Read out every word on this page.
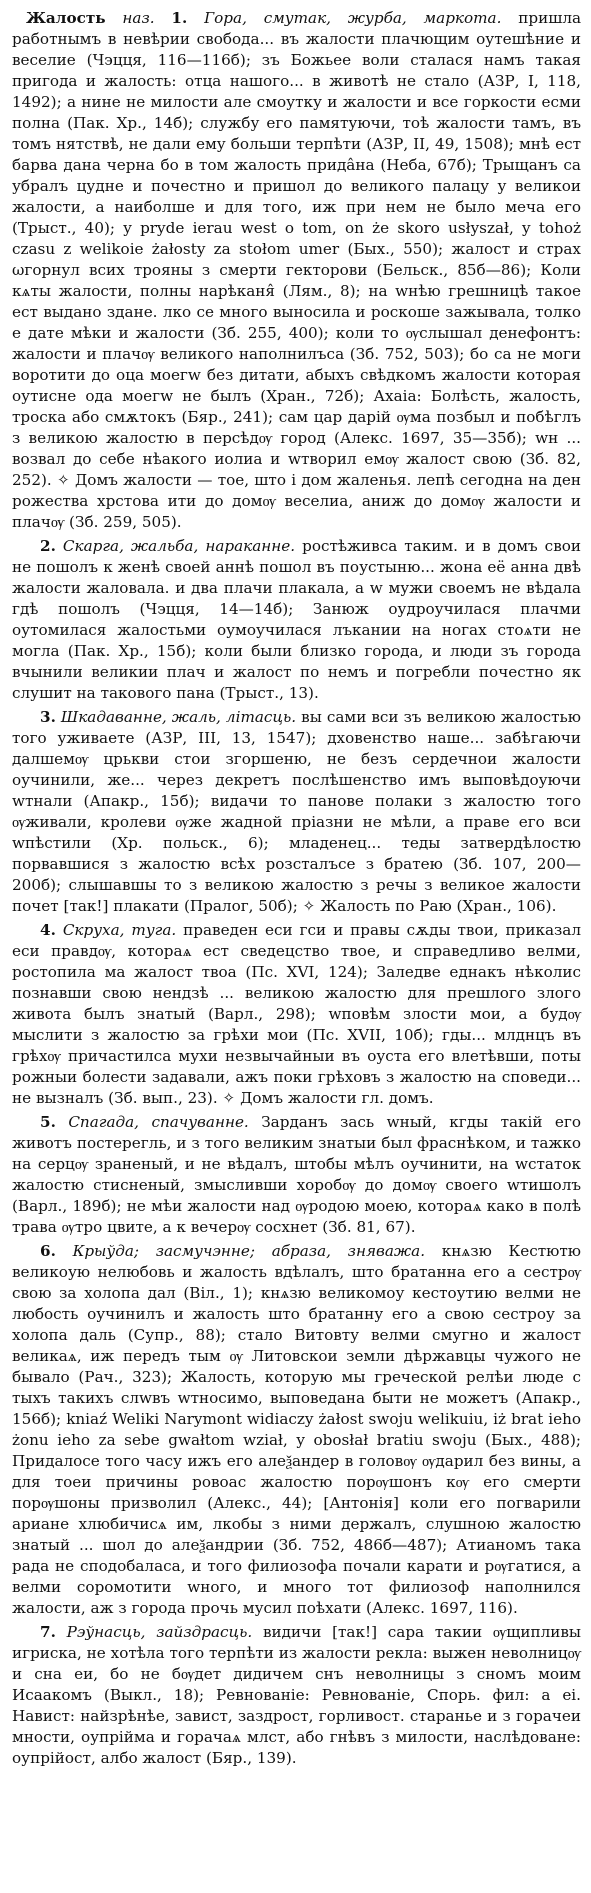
Жалость наз. 1. Гора, смутак, журба, маркота. пришла работнымъ в невѣрии свобода... въ жалости плачющим оутешѣние и веселие (Чэцця, 116—116б); зъ Божьее воли сталася намъ такая пригода и жалость: отца нашого... в животѣ не стало (АЗР, I, 118, 1492); а нине не милости але смоутку и жалости и все горкости есми полна (Пак. Хр., 14б); службу его памятуючи, тоѣ жалости тамъ, въ томъ нятствѣ, не дали ему больши терпѣти (АЗР, II, 49, 1508); мнѣ ест барва дана черна бо в том жалость прида̂на (Неба, 67б); Трыщанъ са убралъ цудне и почестно и пришол до великого палацу у великои жалости, а наиболше и для того, иж при нем не было меча его (Трыст., 40); y pryde ierau west o tom, on że skoro usłyszał, y tohoż czasu z welikoie żałosty za stołom umer (Бых., 550); жалост и страх ωгорнул всих трояны з смерти гекторови (Бельск., 85б—86); Коли кѧты жалости, полны нарѣканя̂ (Лям., 8); на wнѣю грешницѣ такое ест выдано здане. лко се много выносила и роскоше зажывала, толко е дате мѣки и жалости (Зб. 255, 400); коли то ѹслышал денефонтъ: жалости и плачѹ великого наполнилъса (Зб. 752, 503); бо са не моги воротити до оца моегw без дитати, абыхъ свѣдкомъ жалости которая оутисне ода моегw не былъ (Хран., 72б); Ахаіа: Болѣсть, жалость, троска або смѫтокъ (Бяр., 241); сам цар дарій ѹма позбыл и побѣглъ з великою жалостю в персѣдѹ город (Алекс. 1697, 35—35б); wн ... возвал до себе нѣакого иолиа и wтворил емѹ жалост свою (Зб. 82, 252). ✧ Домъ жалости — тое, што і дом жаленья. лепѣ сегодна на ден рожества хрстова ити до домѹ веселиа, аниж до домѹ жалости и плачѹ (Зб. 259, 505).

2. Скарга, жальба, нараканне. ростѣживса таким. и в домъ свои не пошолъ к женѣ своей аннѣ пошол въ поустыню... жона её анна двѣ жалости жаловала. и два плачи плакала, а w мужи своемъ не вѣдала гдѣ пошолъ (Чэцця, 14—14б); Занюж оудроучилаcя плачми оутомилаcя жалостьми оумоучилаcя лъкании на ногах стоѧти не могла (Пак. Хр., 15б); коли были близко города, и люди зъ города вчынили великии плач и жалост по немъ и погребли почестно як слушит на такового пана (Трыст., 13).

3. Шкадаванне, жаль, літасць. вы сами вси зъ великою жалостью того уживаете (АЗР, III, 13, 1547); дховенство наше... забѣгаючи далшемѹ црькви стои згоршеню, не безъ сердечнои жалости оучинили, же... через декретъ послѣшенство имъ выповѣдоуючи wтнали (Апакр., 15б); видачи то панове полаки з жалостю того ѹживали, кролеви ѹже жадной прiазни не мѣли, а праве его вси wпѣстили (Хр. польск., 6); младенец... теды затвердѣлостю порвавшися з жалостю всѣх розсталъсе з братею (Зб. 107, 200—200б); слышавшы то з великою жалостю з речы з великое жалости почет [так!] плакати (Пралог, 50б); ✧ Жалость по Раю (Хран., 106).

4. Скруха, туга. праведен еси гси и правы сѫды твои, приказал еси правдѹ, котораѧ ест сведецство твое, и справедливо велми, ростопила ма жалост твоа (Пс. XVI, 124); Заледве еднакъ нѣколис познавши свою нендзѣ ... великою жалостю для прешлого злого живота былъ знатый (Варл., 298); wповѣм злости мои, а будѹ мыслити з жалостю за грѣхи мои (Пс. XVII, 10б); гды... млднцъ въ грѣхѹ причастилса мухи незвычайныи въ оуста его влетѣвши, поты рожныи болести задавали, ажъ поки грѣховъ з жалостю на споведи... не вызналъ (Зб. вып., 23). ✧ Домъ жалости гл. домъ.

5. Спагада, спачуванне. Зарданъ зась wный, кгды такій его животъ постерегль, и з того великим знатыи был фраснѣком, и тажко на серцѹ зраненый, и не вѣдалъ, штобы мѣлъ оучинити, на wстаток жалостю стисненый, змысливши хоробѹ до домѹ своего wтишолъ (Варл., 189б); не мѣи жалости над ѹродою моею, котораѧ како в полѣ трава ѹтро цвите, а к вечерѹ сосхнет (Зб. 81, 67).

6. Крыўда; засмучэнне; абраза, зняважа. кнѧзю Кестютю великоую нелюбовь и жалость вдѣлалъ, што братанна его а сестрѹ свою за холопа дал (Віл., 1); кнѧзю великомоу кестоутию велми не любость оучинилъ и жалость што братанну его а свою сестроу за холопа даль (Супр., 88); стало Витовту велми смугно и жалост великаѧ, иж передъ тым ѹ Литовскои земли дѣржавцы чужого не бывало (Рач., 323); Жалость, которую мы греческой релѣи люде с тыхъ такихъ слwвъ wтносимо, выповедана быти не можетъ (Апакр., 156б); kniaź Weliki Narymont widiaczy żałost swoju welikuiu, iż brat ieho żonu ieho za sebe gwałtom wział, y obosłał bratiu swoju (Бых., 488); Придалосе того часу ижъ его алеѯандер в головѹ ѹдарил без вины, а для тоеи причины ровоас жалостю порѹшонъ кѹ его смерти порѹшоны призволил (Алекс., 44); [Антонія] коли его погварили ариане хлюбичисѧ им, лкобы з ними держалъ, слушною жалостю знатый ... шол до алеѯандрии (Зб. 752, 486б—487); Атианомъ така рада не сподобаласа, и того филиозофа почали карати и рѹгатися, а велми соромотити wного, и много тот филиозоф наполнился жалости, аж з города прочь мусил поѣхати (Алекс. 1697, 116).

7. Рэўнасць, зайздрасць. видичи [так!] сара такии ѹщипливы игриска, не хотѣла того терпѣти из жалости рекла: выжен неволницѹ и сна еи, бо не бѹдет дидичем снъ неволницы з сномъ моим Исаакомъ (Выкл., 18); Ревнованіе: Ревнованіе, Спорь. фил: а еі. Навист: найзрѣнѣе, завист, заздрост, горливост. старанье и з горачеи мности, оупрійма и горачаѧ млст, або гнѣвъ з милости, наслѣдоване: оупрійост, албо жалост (Бяр., 139).
